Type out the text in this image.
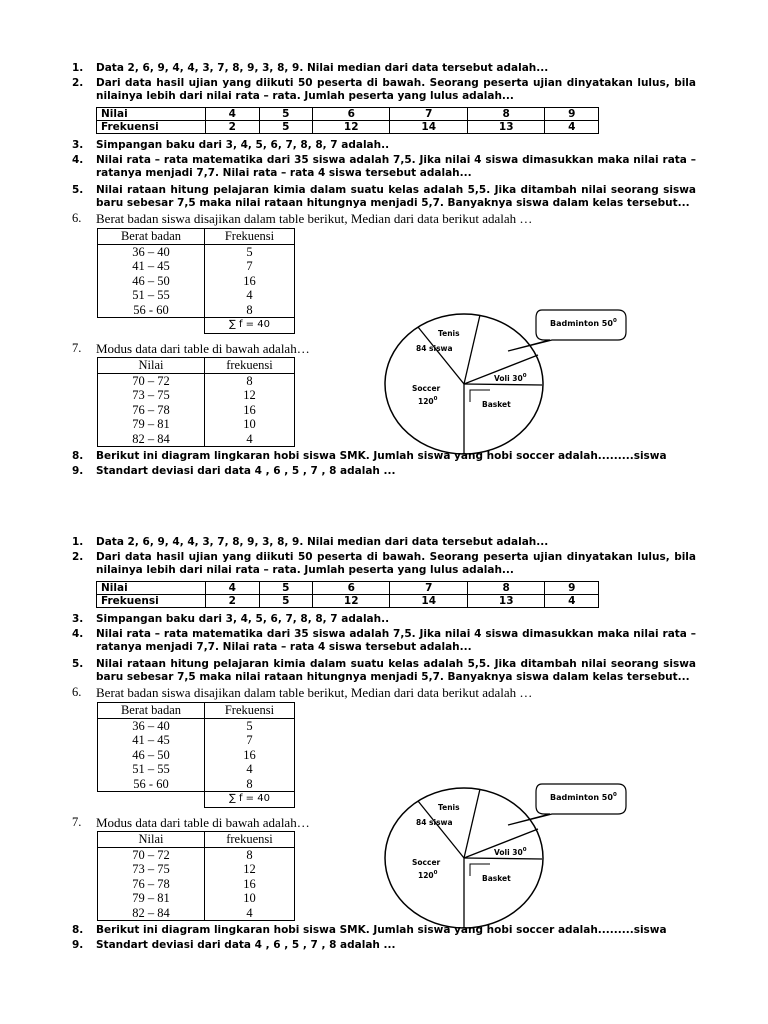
1.	Data 2, 6, 9, 4, 4, 3, 7, 8, 9, 3, 8, 9. Nilai median dari data tersebut adalah...
2.	Dari data hasil ujian yang diikuti 50 peserta di bawah. Seorang peserta ujian dinyatakan lulus, bila nilainya lebih dari nilai rata – rata. Jumlah peserta yang lulus adalah...
Nilai	4	5	6	7	8	9
Frekuensi	2	5	12	14	13	4
3.	Simpangan baku dari 3, 4, 5, 6, 7, 8, 8, 7 adalah..
4.	Nilai rata – rata matematika dari 35 siswa adalah 7,5. Jika nilai 4 siswa dimasukkan maka nilai rata – ratanya menjadi 7,7. Nilai rata – rata 4 siswa tersebut adalah...
5.	Nilai rataan hitung pelajaran kimia dalam suatu kelas adalah 5,5. Jika ditambah nilai seorang siswa baru sebesar 7,5 maka nilai rataan hitungnya menjadi 5,7. Banyaknya siswa dalam kelas tersebut...
6.	Berat badan siswa disajikan dalam table berikut, Median dari data berikut adalah …
Berat badan	Frekuensi
36 – 40	5
41 – 45	7
46 – 50	16
51 – 55	4
56 - 60	8
	∑ f = 40
7.	Modus data dari table di bawah adalah…
Nilai	frekuensi
70 – 72	8
73 – 75	12
76 – 78	16
79 – 81	10
82 – 84	4
Badminton $50^0$
Tenis
84 siswa
Soccer
$120^0$
Voli $30^0$
Basket
8.	Berikut ini diagram lingkaran hobi siswa SMK. Jumlah siswa yang hobi soccer adalah.........siswa
9.	Standart deviasi dari data 4 , 6 , 5 , 7 , 8 adalah ...
1.	Data 2, 6, 9, 4, 4, 3, 7, 8, 9, 3, 8, 9. Nilai median dari data tersebut adalah...
2.	Dari data hasil ujian yang diikuti 50 peserta di bawah. Seorang peserta ujian dinyatakan lulus, bila nilainya lebih dari nilai rata – rata. Jumlah peserta yang lulus adalah...
Nilai	4	5	6	7	8	9
Frekuensi	2	5	12	14	13	4
3.	Simpangan baku dari 3, 4, 5, 6, 7, 8, 8, 7 adalah..
4.	Nilai rata – rata matematika dari 35 siswa adalah 7,5. Jika nilai 4 siswa dimasukkan maka nilai rata – ratanya menjadi 7,7. Nilai rata – rata 4 siswa tersebut adalah...
5.	Nilai rataan hitung pelajaran kimia dalam suatu kelas adalah 5,5. Jika ditambah nilai seorang siswa baru sebesar 7,5 maka nilai rataan hitungnya menjadi 5,7. Banyaknya siswa dalam kelas tersebut...
6.	Berat badan siswa disajikan dalam table berikut, Median dari data berikut adalah …
Berat badan	Frekuensi
36 – 40	5
41 – 45	7
46 – 50	16
51 – 55	4
56 - 60	8
	∑ f = 40
7.	Modus data dari table di bawah adalah…
Nilai	frekuensi
70 – 72	8
73 – 75	12
76 – 78	16
79 – 81	10
82 – 84	4
Badminton $50^0$
Tenis
84 siswa
Soccer
$120^0$
Voli $30^0$
Basket
8.	Berikut ini diagram lingkaran hobi siswa SMK. Jumlah siswa yang hobi soccer adalah.........siswa
9.	Standart deviasi dari data 4 , 6 , 5 , 7 , 8 adalah ...
